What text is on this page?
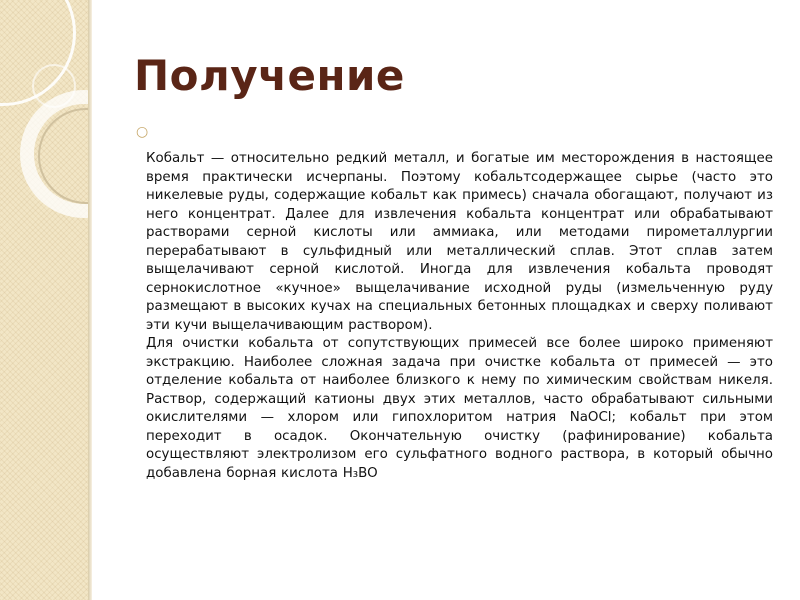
Получение
○

Кобальт — относительно редкий металл, и богатые им месторождения в настоящее время практически исчерпаны. Поэтому кобальтсодержащее сырье (часто это никелевые руды, содержащие кобальт как примесь) сначала обогащают, получают из него концентрат. Далее для извлечения кобальта концентрат или обрабатывают растворами серной кислоты или аммиака, или методами пирометаллургии перерабатывают в сульфидный или металлический сплав. Этот сплав затем выщелачивают серной кислотой. Иногда для извлечения кобальта проводят сернокислотное «кучное» выщелачивание исходной руды (измельченную руду размещают в высоких кучах на специальных бетонных площадках и сверху поливают эти кучи выщелачивающим раствором).

Для очистки кобальта от сопутствующих примесей все более широко применяют экстракцию. Наиболее сложная задача при очистке кобальта от примесей — это отделение кобальта от наиболее близкого к нему по химическим свойствам никеля. Раствор, содержащий катионы двух этих металлов, часто обрабатывают сильными окислителями — хлором или гипохлоритом натрия NaOCl; кобальт при этом переходит в осадок. Окончательную очистку (рафинирование) кобальта осуществляют электролизом его сульфатного водного раствора, в который обычно добавлена борная кислота H₃BO
